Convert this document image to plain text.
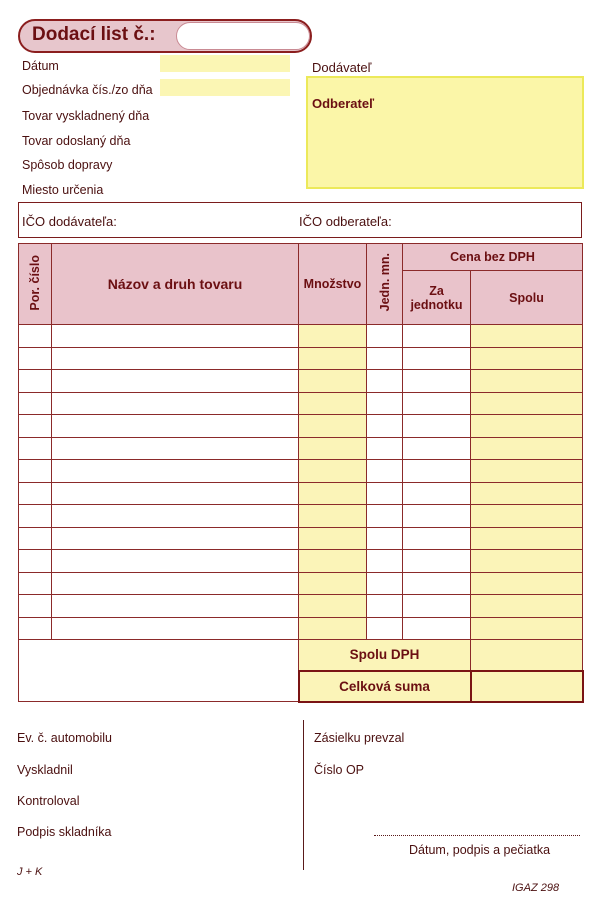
Dodací list č.:
Dátum
Objednávka čís./zo dňa
Tovar vyskladnený dňa
Tovar odoslaný dňa
Spôsob dopravy
Miesto určenia
Dodávateľ
Odberateľ
IČO dodávateľa:	IČO odberateľa:
Por. číslo	Názov a druh tovaru	Množstvo	Jedn. mn.	Cena bez DPH	
				Za jednotku	Spolu

		Spolu DPH			
		Celková suma			
Ev. č. automobilu
Vyskladnil
Kontroloval
Podpis skladníka
Zásielku prevzal
Číslo OP
Dátum, podpis a pečiatka
J + K
IGAZ 298
